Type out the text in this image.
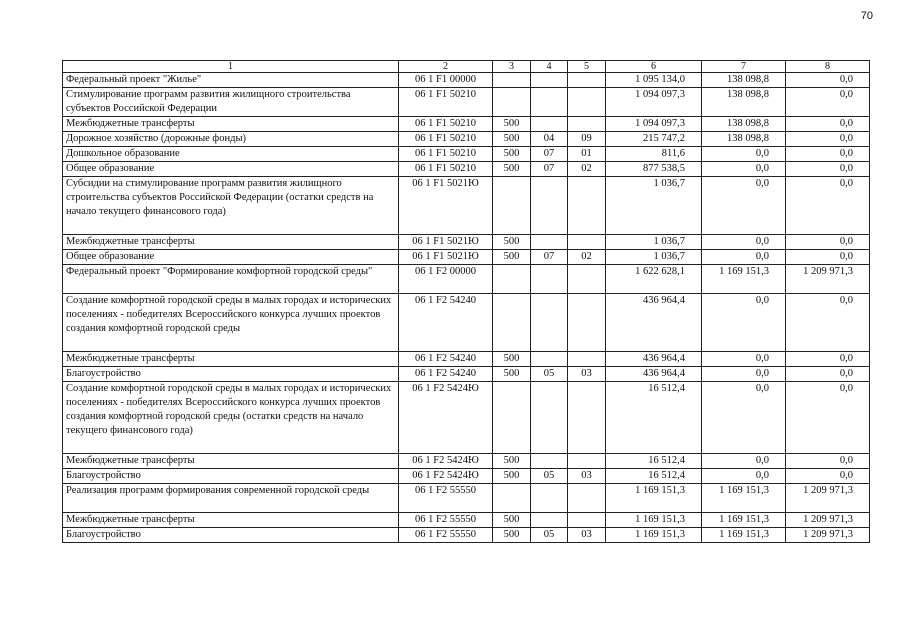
70
1	2	3	4	5	6	7	8
Федеральный проект "Жилье"	06 1 F1 00000				1 095 134,0	138 098,8	0,0
Стимулирование программ развития жилищного строительства субъектов Российской Федерации	06 1 F1 50210				1 094 097,3	138 098,8	0,0
Межбюджетные трансферты	06 1 F1 50210	500			1 094 097,3	138 098,8	0,0
Дорожное хозяйство (дорожные фонды)	06 1 F1 50210	500	04	09	215 747,2	138 098,8	0,0
Дошкольное образование	06 1 F1 50210	500	07	01	811,6	0,0	0,0
Общее образование	06 1 F1 50210	500	07	02	877 538,5	0,0	0,0
Субсидии на стимулирование программ развития жилищного строительства субъектов Российской Федерации (остатки средств на начало текущего финансового года)	06 1 F1 5021Ю				1 036,7	0,0	0,0
Межбюджетные трансферты	06 1 F1 5021Ю	500			1 036,7	0,0	0,0
Общее образование	06 1 F1 5021Ю	500	07	02	1 036,7	0,0	0,0
Федеральный проект "Формирование комфортной городской среды"	06 1 F2 00000				1 622 628,1	1 169 151,3	1 209 971,3
Создание комфортной городской среды в малых городах и исторических поселениях - победителях Всероссийского конкурса лучших проектов создания комфортной городской среды	06 1 F2 54240				436 964,4	0,0	0,0
Межбюджетные трансферты	06 1 F2 54240	500			436 964,4	0,0	0,0
Благоустройство	06 1 F2 54240	500	05	03	436 964,4	0,0	0,0
Создание комфортной городской среды в малых городах и исторических поселениях - победителях Всероссийского конкурса лучших проектов создания комфортной городской среды (остатки средств на начало текущего финансового года)	06 1 F2 5424Ю				16 512,4	0,0	0,0
Межбюджетные трансферты	06 1 F2 5424Ю	500			16 512,4	0,0	0,0
Благоустройство	06 1 F2 5424Ю	500	05	03	16 512,4	0,0	0,0
Реализация программ формирования современной городской среды	06 1 F2 55550				1 169 151,3	1 169 151,3	1 209 971,3
Межбюджетные трансферты	06 1 F2 55550	500			1 169 151,3	1 169 151,3	1 209 971,3
Благоустройство	06 1 F2 55550	500	05	03	1 169 151,3	1 169 151,3	1 209 971,3
